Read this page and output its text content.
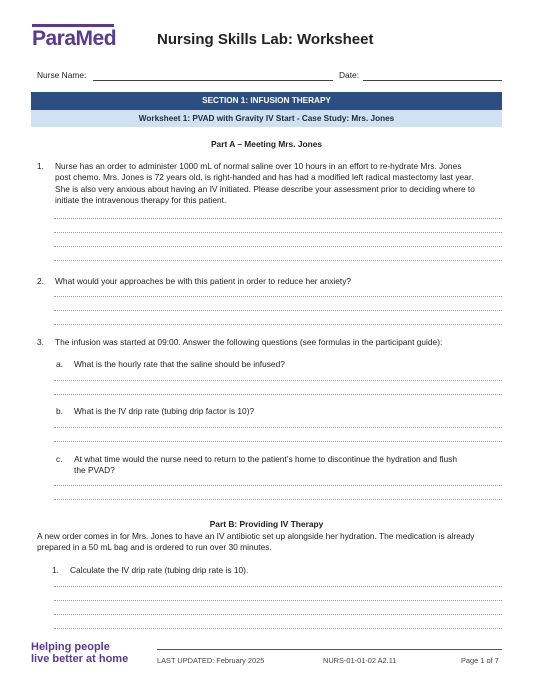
ParaMed	Nursing Skills Lab: Worksheet
Nurse Name:	Date:
SECTION 1: INFUSION THERAPY
Worksheet 1: PVAD with Gravity IV Start - Case Study: Mrs. Jones
Part A – Meeting Mrs. Jones
1. Nurse has an order to administer 1000 mL of normal saline over 10 hours in an effort to re-hydrate Mrs. Jones
post chemo. Mrs. Jones is 72 years old, is right-handed and has had a modified left radical mastectomy last year.
She is also very anxious about having an IV initiated. Please describe your assessment prior to deciding where to
initiate the intravenous therapy for this patient.
2. What would your approaches be with this patient in order to reduce her anxiety?
3. The infusion was started at 09:00. Answer the following questions (see formulas in the participant guide):
a. What is the hourly rate that the saline should be infused?
b. What is the IV drip rate (tubing drip factor is 10)?
c. At what time would the nurse need to return to the patient’s home to discontinue the hydration and flush
the PVAD?
Part B: Providing IV Therapy
A new order comes in for Mrs. Jones to have an IV antibiotic set up alongside her hydration. The medication is already
prepared in a 50 mL bag and is ordered to run over 30 minutes.
1. Calculate the IV drip rate (tubing drip rate is 10).
Helping people
live better at home	LAST UPDATED: February 2025	NURS-01-01-02 A2.11	Page 1 of 7
